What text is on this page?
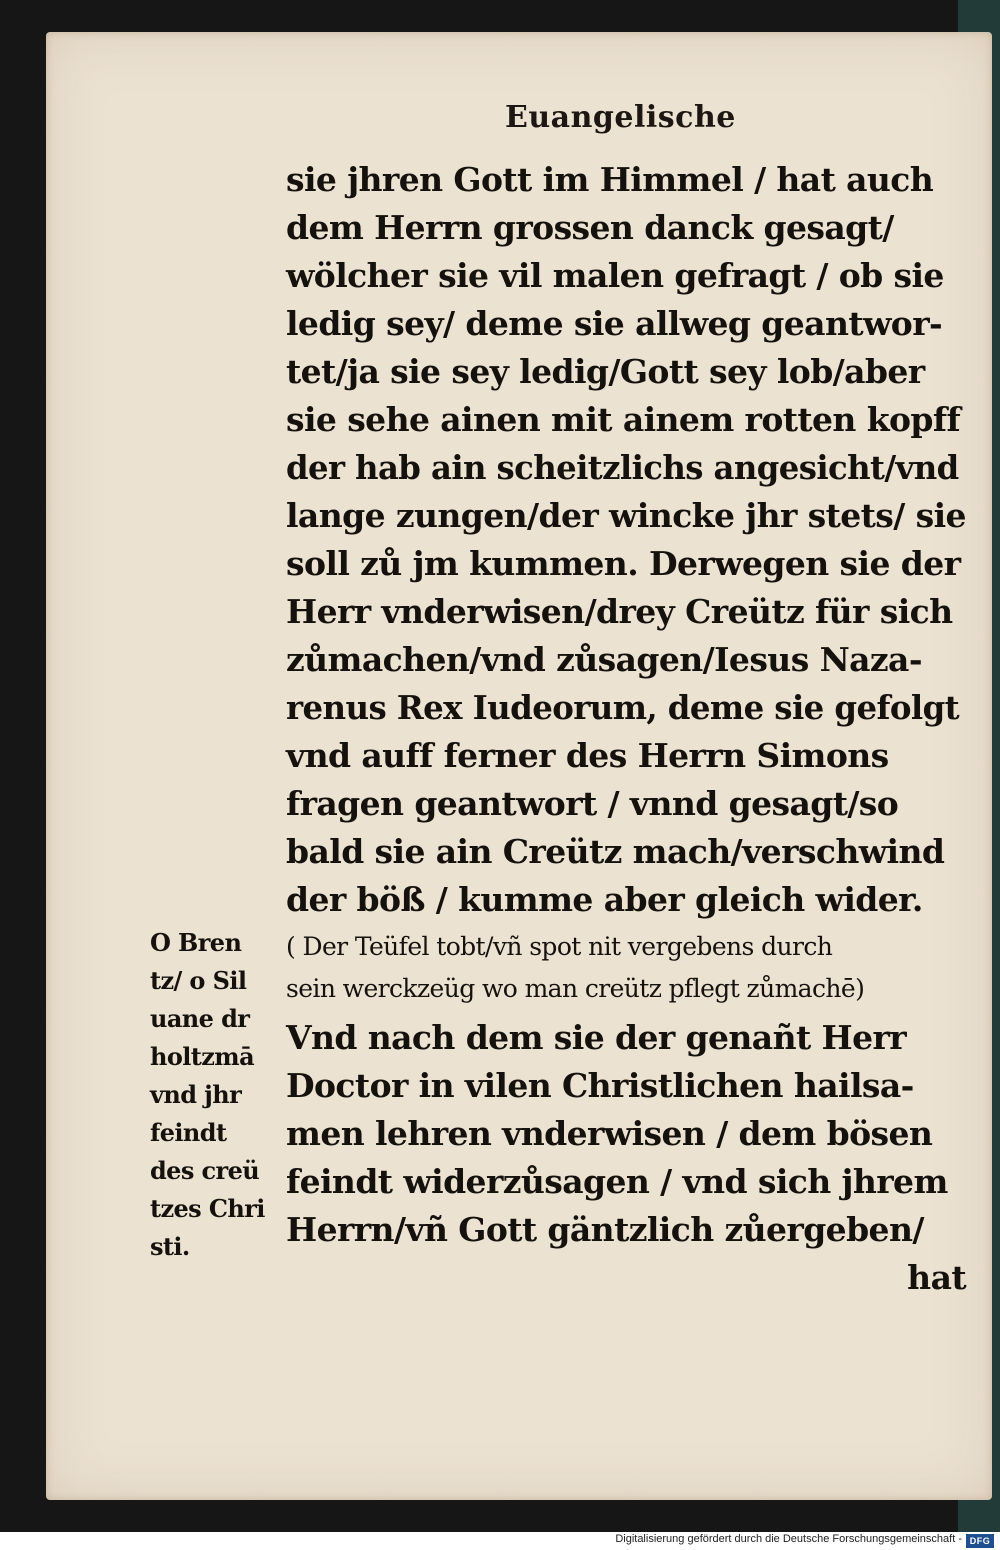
Euangelische
sie jhren Gott im Himmel / hat auch
dem Herrn grossen danck gesagt/
wölcher sie vil malen gefragt / ob sie
ledig sey/ deme sie allweg geantwor-
tet/ja sie sey ledig/Gott sey lob/aber
sie sehe ainen mit ainem rotten kopff
der hab ain scheitzlichs angesicht/vnd
lange zungen/der wincke jhr stets/ sie
soll zů jm kummen. Derwegen sie der
Herr vnderwisen/drey Creütz für sich
zůmachen/vnd zůsagen/Iesus Naza-
renus Rex Iudeorum, deme sie gefolgt
vnd auff ferner des Herrn Simons
fragen geantwort / vnnd gesagt/so
bald sie ain Creütz mach/verschwind
der böß / kumme aber gleich wider.
( Der Teüfel tobt/vñ spot nit vergebens durch
sein werckzeüg wo man creütz pflegt zůmachē)
Vnd nach dem sie der genañt Herr
Doctor in vilen Christlichen hailsa-
men lehren vnderwisen / dem bösen
feindt widerzůsagen / vnd sich jhrem
Herrn/vñ Gott gäntzlich zůergeben/
hat
O Bren
tz/ o Sil
uane dr
holtzmā
vnd jhr
feindt
des creü
tzes Chri
sti.
Digitalisierung gefördert durch die Deutsche Forschungsgemeinschaft - DFG
